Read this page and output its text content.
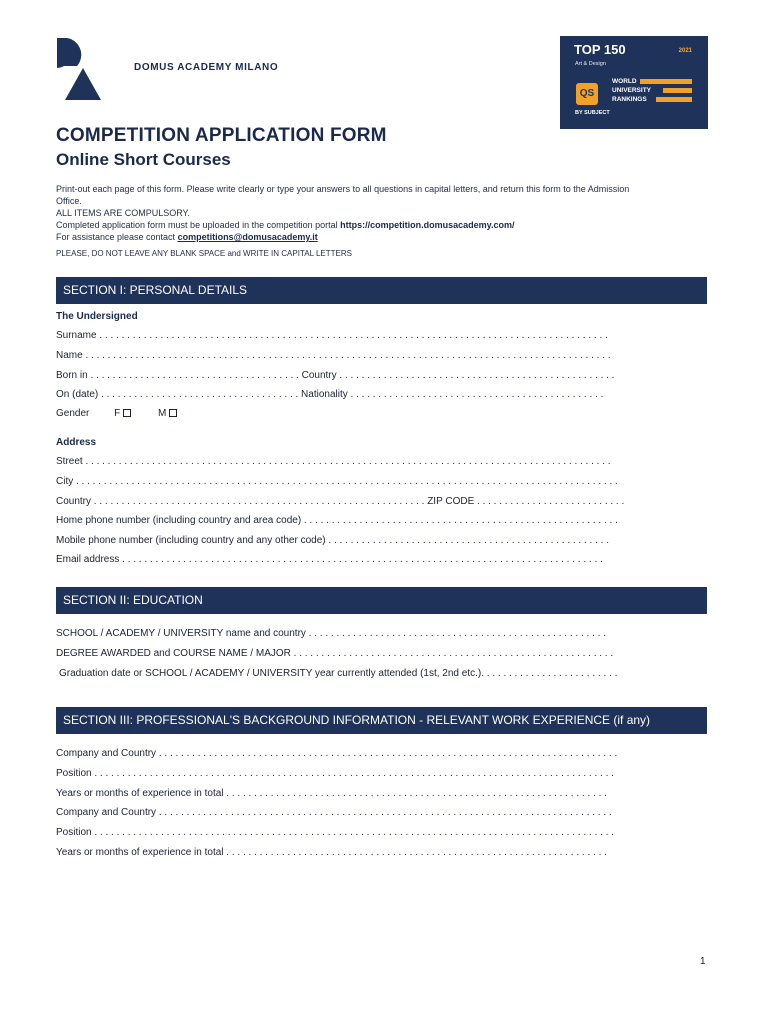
DOMUS ACADEMY MILANO
TOP 150	2021
Art & Design
QS
WORLD
UNIVERSITY
RANKINGS
BY SUBJECT
COMPETITION APPLICATION FORM
Online Short Courses
Print-out each page of this form. Please write clearly or type your answers to all questions in capital letters, and return this form to the Admission
Office.
ALL ITEMS ARE COMPULSORY.
Completed application form must be uploaded in the competition portal https://competition.domusacademy.com/
For assistance please contact competitions@domusacademy.it
PLEASE, DO NOT LEAVE ANY BLANK SPACE and WRITE IN CAPITAL LETTERS
SECTION I: PERSONAL DETAILS
The Undersigned
Surname . . . . . . . . . . . . . . . . . . . . . . . . . . . . . . . . . . . . . . . . . . . . . . . . . . . . . . . . . . . . . . . . . . . . . . . . . . . . . . . . . . . . . . . . . . . .
Name . . . . . . . . . . . . . . . . . . . . . . . . . . . . . . . . . . . . . . . . . . . . . . . . . . . . . . . . . . . . . . . . . . . . . . . . . . . . . . . . . . . . . . . . . . . . . . .
Born in . . . . . . . . . . . . . . . . . . . . . . . . . . . . . . . . . . . . . . Country . . . . . . . . . . . . . . . . . . . . . . . . . . . . . . . . . . . . . . . . . . . . . . . . . .
On (date) . . . . . . . . . . . . . . . . . . . . . . . . . . . . . . . . . . . . Nationality . . . . . . . . . . . . . . . . . . . . . . . . . . . . . . . . . . . . . . . . . . . . . .
Gender F	M
Address
Street . . . . . . . . . . . . . . . . . . . . . . . . . . . . . . . . . . . . . . . . . . . . . . . . . . . . . . . . . . . . . . . . . . . . . . . . . . . . . . . . . . . . . . . . . . . . . . .
City . . . . . . . . . . . . . . . . . . . . . . . . . . . . . . . . . . . . . . . . . . . . . . . . . . . . . . . . . . . . . . . . . . . . . . . . . . . . . . . . . . . . . . . . . . . . . . . . . .
Country . . . . . . . . . . . . . . . . . . . . . . . . . . . . . . . . . . . . . . . . . . . . . . . . . . . . . . . . . . . . ZIP CODE . . . . . . . . . . . . . . . . . . . . . . . . . . .
Home phone number (including country and area code) . . . . . . . . . . . . . . . . . . . . . . . . . . . . . . . . . . . . . . . . . . . . . . . . . . . . . . . . .
Mobile phone number (including country and any other code) . . . . . . . . . . . . . . . . . . . . . . . . . . . . . . . . . . . . . . . . . . . . . . . . . . .
Email address . . . . . . . . . . . . . . . . . . . . . . . . . . . . . . . . . . . . . . . . . . . . . . . . . . . . . . . . . . . . . . . . . . . . . . . . . . . . . . . . . . . . . . .
SECTION II: EDUCATION
SCHOOL / ACADEMY / UNIVERSITY name and country . . . . . . . . . . . . . . . . . . . . . . . . . . . . . . . . . . . . . . . . . . . . . . . . . . . . . .
DEGREE AWARDED and COURSE NAME / MAJOR . . . . . . . . . . . . . . . . . . . . . . . . . . . . . . . . . . . . . . . . . . . . . . . . . . . . . . . . . .
Graduation date or SCHOOL / ACADEMY / UNIVERSITY year currently attended (1st, 2nd etc.). . . . . . . . . . . . . . . . . . . . . . . . .
SECTION III: PROFESSIONAL'S BACKGROUND INFORMATION - RELEVANT WORK EXPERIENCE (if any)
Company and Country . . . . . . . . . . . . . . . . . . . . . . . . . . . . . . . . . . . . . . . . . . . . . . . . . . . . . . . . . . . . . . . . . . . . . . . . . . . . . . . . . . .
Position . . . . . . . . . . . . . . . . . . . . . . . . . . . . . . . . . . . . . . . . . . . . . . . . . . . . . . . . . . . . . . . . . . . . . . . . . . . . . . . . . . . . . . . . . . . . . .
Years or months of experience in total . . . . . . . . . . . . . . . . . . . . . . . . . . . . . . . . . . . . . . . . . . . . . . . . . . . . . . . . . . . . . . . . . . . . .
Company and Country . . . . . . . . . . . . . . . . . . . . . . . . . . . . . . . . . . . . . . . . . . . . . . . . . . . . . . . . . . . . . . . . . . . . . . . . . . . . . . . . . .
Position . . . . . . . . . . . . . . . . . . . . . . . . . . . . . . . . . . . . . . . . . . . . . . . . . . . . . . . . . . . . . . . . . . . . . . . . . . . . . . . . . . . . . . . . . . . . . .
Years or months of experience in total . . . . . . . . . . . . . . . . . . . . . . . . . . . . . . . . . . . . . . . . . . . . . . . . . . . . . . . . . . . . . . . . . . . . .
1
